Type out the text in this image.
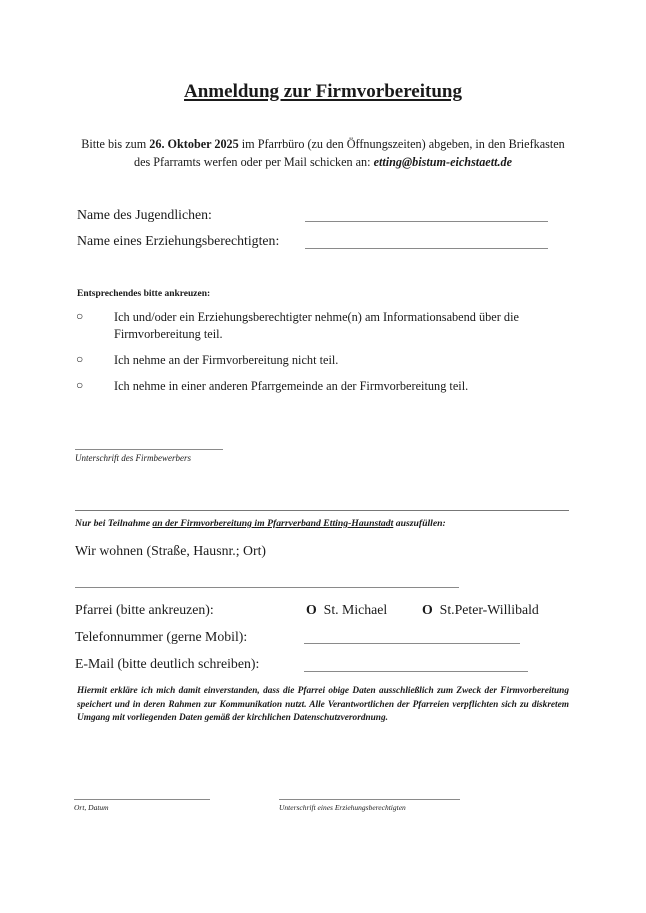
Anmeldung zur Firmvorbereitung
Bitte bis zum 26. Oktober 2025 im Pfarrbüro (zu den Öffnungszeiten) abgeben, in den Briefkasten
des Pfarramts werfen oder per Mail schicken an: etting@bistum-eichstaett.de
Name des Jugendlichen:
Name eines Erziehungsberechtigten:
Entsprechendes bitte ankreuzen:
○	Ich und/oder ein Erziehungsberechtigter nehme(n) am Informationsabend über die
Firmvorbereitung teil.
○	Ich nehme an der Firmvorbereitung nicht teil.
○	Ich nehme in einer anderen Pfarrgemeinde an der Firmvorbereitung teil.
Unterschrift des Firmbewerbers
Nur bei Teilnahme an der Firmvorbereitung im Pfarrverband Etting-Haunstadt auszufüllen:
Wir wohnen (Straße, Hausnr.; Ort)
Pfarrei (bitte ankreuzen):	O St. Michael	O St.Peter-Willibald
Telefonnummer (gerne Mobil):
E-Mail (bitte deutlich schreiben):
Hiermit erkläre ich mich damit einverstanden, dass die Pfarrei obige Daten ausschließlich zum Zweck der Firmvorbereitung speichert und in deren Rahmen zur Kommunikation nutzt. Alle Verantwortlichen der Pfarreien verpflichten sich zu diskretem Umgang mit vorliegenden Daten gemäß der kirchlichen Datenschutzverordnung.
Ort, Datum	Unterschrift eines Erziehungsberechtigten
